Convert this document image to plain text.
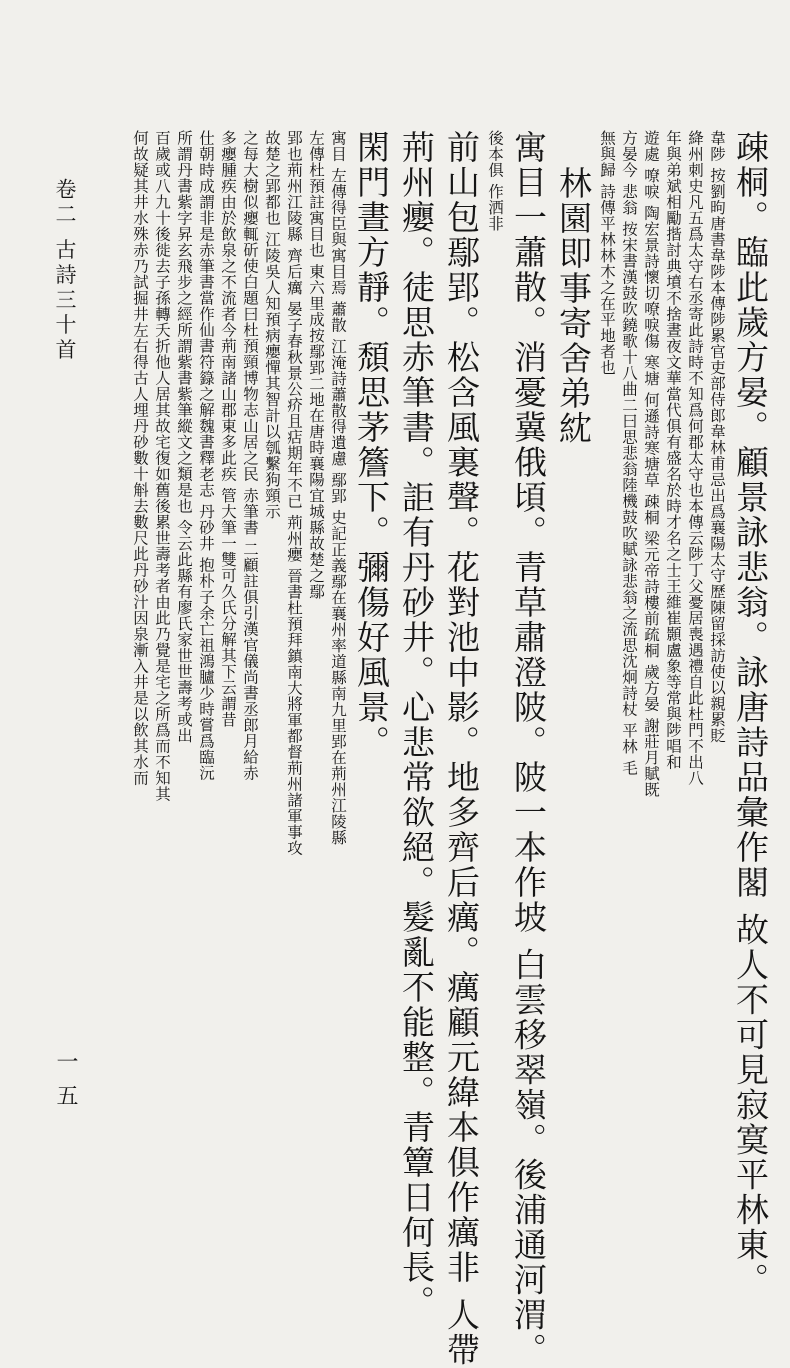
卷二 古詩三十首
一五	疎桐。臨此歲方晏。顧景詠悲翁。詠唐詩品彙作閣 故人不可見寂寞平林東。
韋陟 按劉昫唐書韋陟本傳陟累官吏部侍郎韋林甫忌出爲襄陽太守歷陳留採訪使以親累貶
絳州刺史凡五爲太守右丞寄此詩時不知爲何郡太守也本傳云陟丁父憂居喪遇禮自此杜門不出八
年與弟斌相勵揩討典墳不捨晝夜文華當代俱有盛名於時才名之士王維崔顥盧象等常與陟唱和
遊處 嘹唳 陶宏景詩懷切嘹唳傷 寒塘 何遜詩寒塘草 疎桐 梁元帝詩樓前疏桐 歲方晏 謝莊月賦既
方晏今 悲翁 按宋書漢鼓吹鐃歌十八曲二曰思悲翁陸機鼓吹賦詠悲翁之流思沈炯詩杖 平林 毛
無與歸 詩傳平林林木之在平地者也
林園即事寄舍弟紞
寓目一蕭散。消憂冀俄頃。青草肅澄陂。陂一本作坡 白雲移翠嶺。後浦通河渭。
後本俱 作洒非
前山包鄢郢。松含風裏聲。花對池中影。地多齊后癘。癘顧元緯本俱作癘非 人帶
荊州癭。徒思赤筆書。詎有丹砂井。心悲常欲絕。髮亂不能整。青簟日何長。
閑門晝方靜。頹思茅簷下。彌傷好風景。
寓目 左傳得臣與寓目焉 蕭散 江淹詩蕭散得遺慮 鄢郢 史記正義鄢在襄州率道縣南九里郢在荊州江陵縣
左傳杜預註寓目也 東六里成按鄢郢二地在唐時襄陽宜城縣故楚之鄢
郢也荊州江陵縣 齊后癘 晏子春秋景公疥且痁期年不已 荊州癭 晉書杜預拜鎮南大將軍都督荊州諸軍事攻
故楚之郢都也 江陵吳人知預病癭憚其智計以瓠繫狗頸示
之每大樹似癭輒斫使白題曰杜預頸博物志山居之民 赤筆書 二顧註俱引漢官儀尚書丞郎月給赤
多癭腫疾由於飲泉之不流者今荊南諸山郡東多此疾 管大筆一雙可久氏分解其下云謂昔
仕朝時成謂非是赤筆書當作仙書符籙之解魏書釋老志 丹砂井 抱朴子余亡祖鴻臚少時嘗爲臨沅
所謂丹書紫字昇玄飛步之經所謂紫書紫筆縱文之類是也 令云此縣有廖氏家世世壽考或出
百歲或八九十後徙去子孫轉夭折他人居其故宅復如舊後累世壽考者由此乃覺是宅之所爲而不知其
何故疑其井水殊赤乃試掘井左右得古人埋丹砂數十斛去數尺此丹砂汁因泉漸入井是以飲其水而
